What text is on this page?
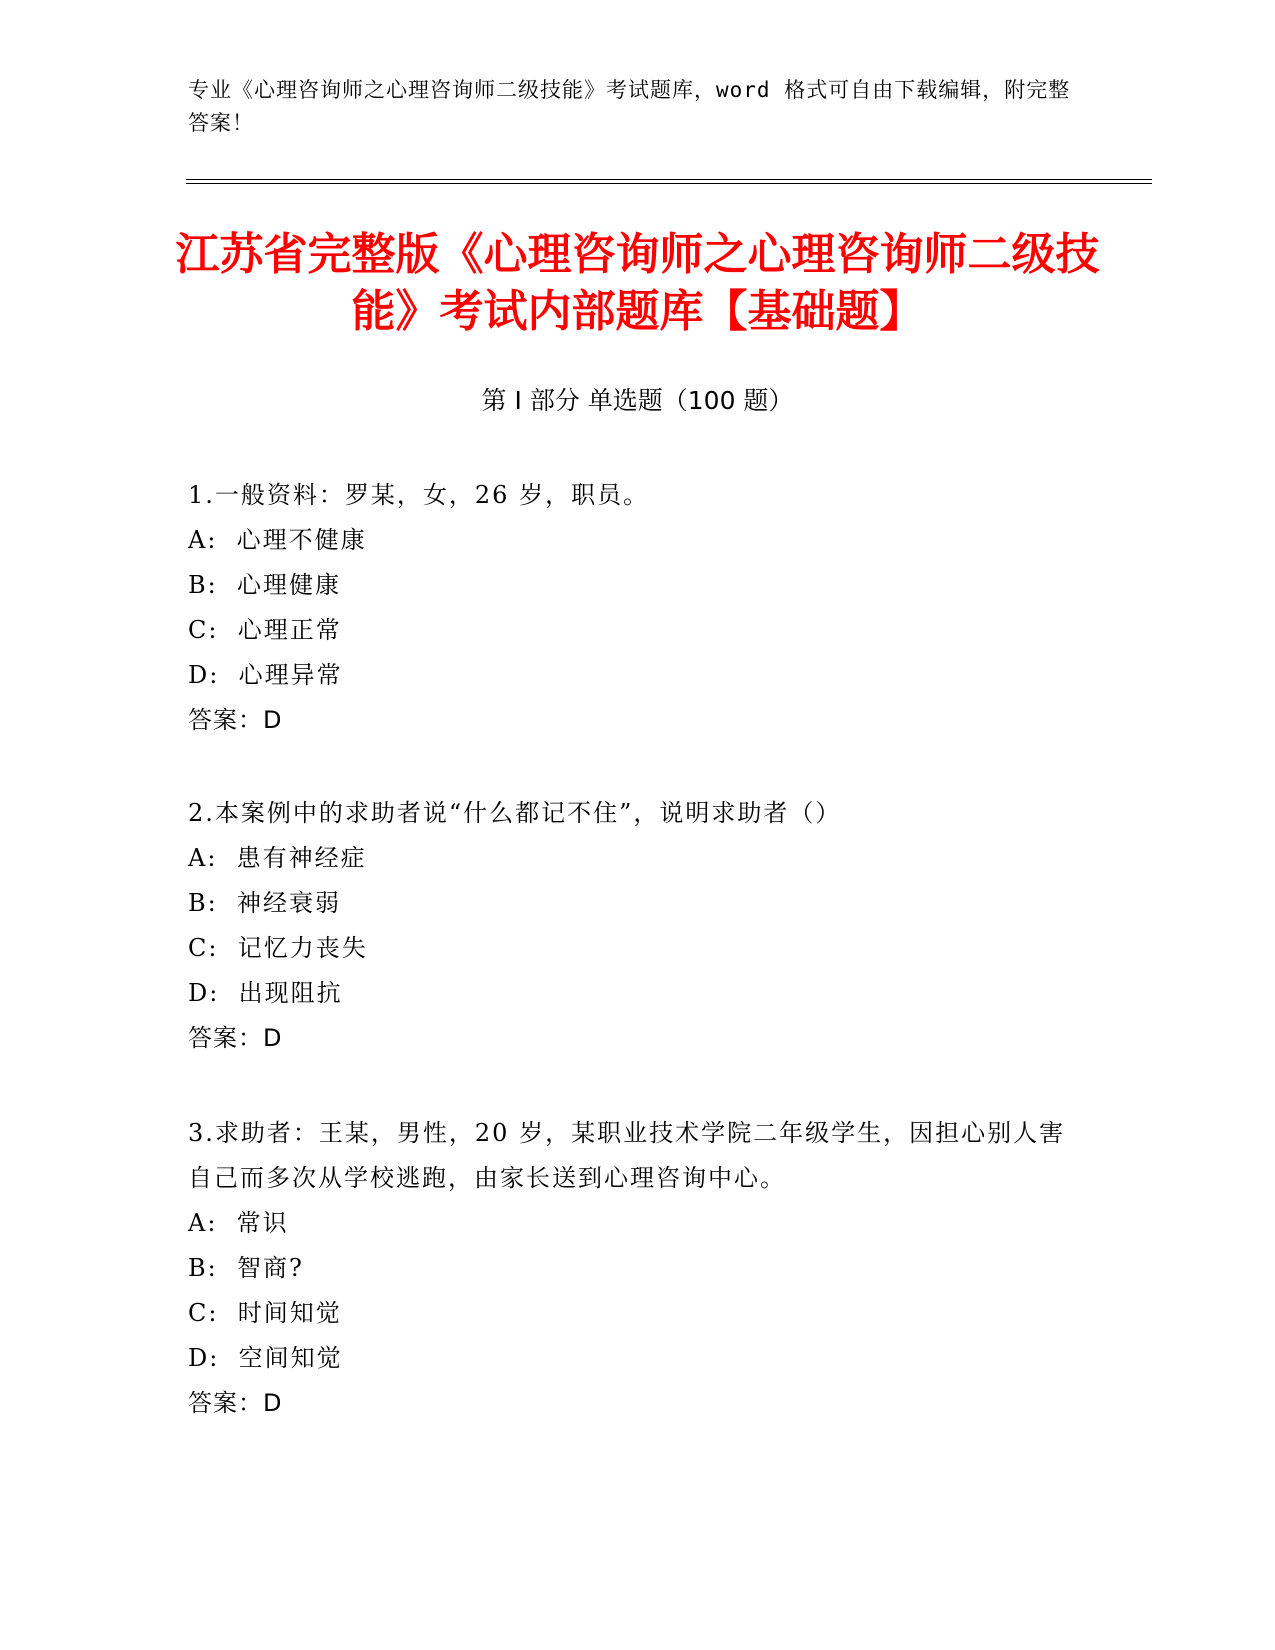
专业《心理咨询师之心理咨询师二级技能》考试题库，word 格式可自由下载编辑，附完整答案！
江苏省完整版《心理咨询师之心理咨询师二级技能》考试内部题库【基础题】
第 I 部分 单选题（100 题）
1.一般资料：罗某，女，26 岁，职员。
A:  心理不健康
B:  心理健康
C:  心理正常
D:  心理异常
答案：D
2.本案例中的求助者说“什么都记不住”，说明求助者（）
A:  患有神经症
B:  神经衰弱
C:  记忆力丧失
D:  出现阻抗
答案：D
3.求助者：王某，男性，20 岁，某职业技术学院二年级学生，因担心别人害自己而多次从学校逃跑，由家长送到心理咨询中心。
A:  常识
B:  智商?
C:  时间知觉
D:  空间知觉
答案：D
